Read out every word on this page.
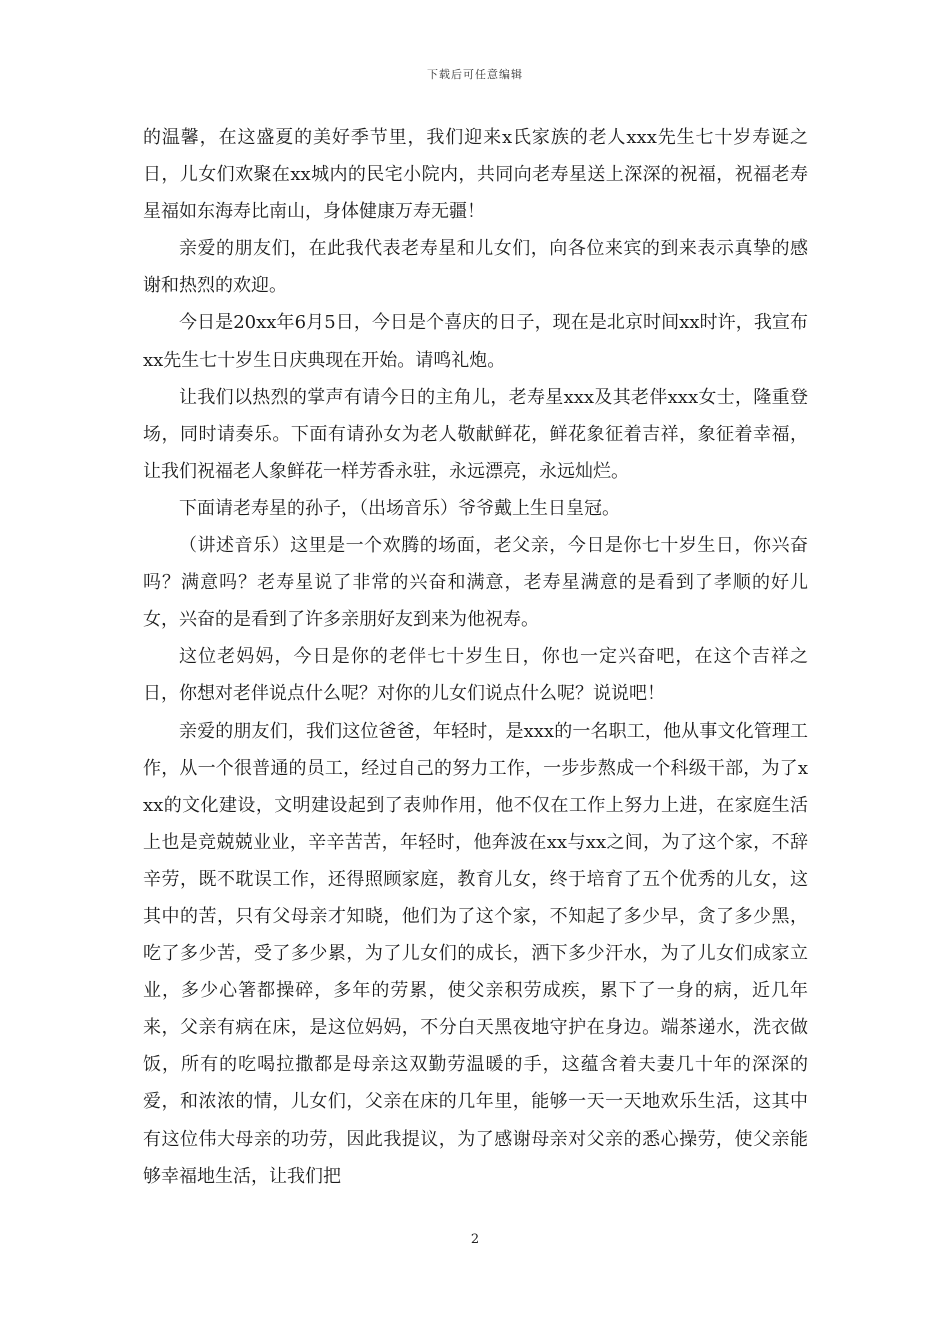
下载后可任意编辑

的温馨，在这盛夏的美好季节里，我们迎来x氏家族的老人xxx先生七十岁寿诞之日，儿女们欢聚在xx城内的民宅小院内，共同向老寿星送上深深的祝福，祝福老寿星福如东海寿比南山，身体健康万寿无疆！

亲爱的朋友们，在此我代表老寿星和儿女们，向各位来宾的到来表示真挚的感谢和热烈的欢迎。

今日是20xx年6月5日，今日是个喜庆的日子，现在是北京时间xx时许，我宣布xx先生七十岁生日庆典现在开始。请鸣礼炮。

让我们以热烈的掌声有请今日的主角儿，老寿星xxx及其老伴xxx女士，隆重登场，同时请奏乐。下面有请孙女为老人敬献鲜花，鲜花象征着吉祥，象征着幸福，让我们祝福老人象鲜花一样芳香永驻，永远漂亮，永远灿烂。

下面请老寿星的孙子，（出场音乐）爷爷戴上生日皇冠。

（讲述音乐）这里是一个欢腾的场面，老父亲，今日是你七十岁生日，你兴奋吗？满意吗？老寿星说了非常的兴奋和满意，老寿星满意的是看到了孝顺的好儿女，兴奋的是看到了许多亲朋好友到来为他祝寿。

这位老妈妈，今日是你的老伴七十岁生日，你也一定兴奋吧，在这个吉祥之日，你想对老伴说点什么呢？对你的儿女们说点什么呢？说说吧！

亲爱的朋友们，我们这位爸爸，年轻时，是xxx的一名职工，他从事文化管理工作，从一个很普通的员工，经过自己的努力工作，一步步熬成一个科级干部，为了xxx的文化建设，文明建设起到了表帅作用，他不仅在工作上努力上进，在家庭生活上也是竞兢兢业业，辛辛苦苦，年轻时，他奔波在xx与xx之间，为了这个家，不辞辛劳，既不耽误工作，还得照顾家庭，教育儿女，终于培育了五个优秀的儿女，这其中的苦，只有父母亲才知晓，他们为了这个家，不知起了多少早，贪了多少黑，吃了多少苦，受了多少累，为了儿女们的成长，洒下多少汗水，为了儿女们成家立业，多少心箸都操碎，多年的劳累，使父亲积劳成疾，累下了一身的病，近几年来，父亲有病在床，是这位妈妈，不分白天黑夜地守护在身边。端茶递水，洗衣做饭，所有的吃喝拉撒都是母亲这双勤劳温暖的手，这蕴含着夫妻几十年的深深的爱，和浓浓的情，儿女们，父亲在床的几年里，能够一天一天地欢乐生活，这其中有这位伟大母亲的功劳，因此我提议，为了感谢母亲对父亲的悉心操劳，使父亲能够幸福地生活，让我们把

2
